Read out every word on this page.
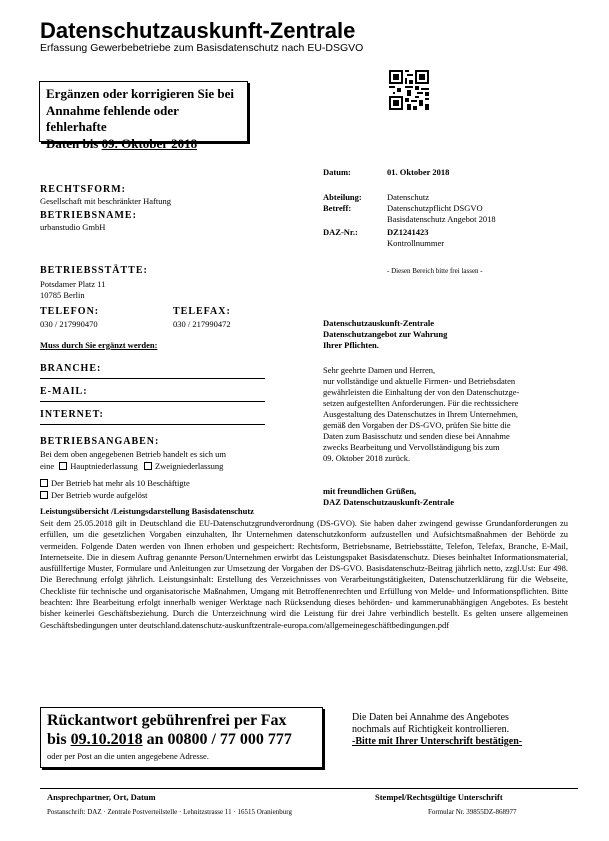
Datenschutzauskunft-Zentrale
Erfassung Gewerbebetriebe zum Basisdatenschutz nach EU-DSGVO
Ergänzen oder korrigieren Sie bei
Annahme fehlende oder fehlerhafte
Daten bis 09. Oktober 2018
Datum:	01. Oktober 2018
Abteilung:	Datenschutz
Betreff:	Datenschutzpflicht DSGVO
Basisdatenschutz Angebot 2018
DAZ-Nr.:	DZ1241423
Kontrollnummer
- Diesen Bereich bitte frei lassen -
RECHTSFORM:
Gesellschaft mit beschränkter Haftung
BETRIEBSNAME:
urbanstudio GmbH
BETRIEBSSTÄTTE:
Potsdamer Platz 11
10785 Berlin
TELEFON:
030 / 217990470
TELEFAX:
030 / 217990472
Muss durch Sie ergänzt werden:
BRANCHE:
E-MAIL:
INTERNET:
BETRIEBSANGABEN:
Bei dem oben angegebenen Betrieb handelt es sich um
eine Hauptniederlassung Zweigniederlassung
Der Betrieb hat mehr als 10 Beschäftigte
Der Betrieb wurde aufgelöst
Datenschutzauskunft-Zentrale
Datenschutzangebot zur Wahrung
Ihrer Pflichten.
Sehr geehrte Damen und Herren,
nur vollständige und aktuelle Firmen- und Betriebsdaten
gewährleisten die Einhaltung der von den Datenschutzge-
setzen aufgestellten Anforderungen. Für die rechtssichere
Ausgestaltung des Datenschutzes in Ihrem Unternehmen,
gemäß den Vorgaben der DS-GVO, prüfen Sie bitte die
Daten zum Basisschutz und senden diese bei Annahme
zwecks Bearbeitung und Vervollständigung bis zum
09. Oktober 2018 zurück.
mit freundlichen Grüßen,
DAZ Datenschutzauskunft-Zentrale
Leistungsübersicht /Leistungsdarstellung Basisdatenschutz
Seit dem 25.05.2018 gilt in Deutschland die EU-Datenschutzgrundverordnung (DS-GVO). Sie haben daher zwingend gewisse Grundanforderungen zu erfüllen, um die gesetzlichen Vorgaben einzuhalten, Ihr Unternehmen datenschutzkonform aufzustellen und Aufsichtsmaßnahmen der Behörde zu vermeiden. Folgende Daten werden von Ihnen erhoben und gespeichert: Rechtsform, Betriebsname, Betriebsstätte, Telefon, Telefax, Branche, E-Mail, Internetseite. Die in diesem Auftrag genannte Person/Unternehmen erwirbt das Leistungspaket Basisdatenschutz. Dieses beinhaltet Informationsmaterial, ausfüllfertige Muster, Formulare und Anleitungen zur Umsetzung der Vorgaben der DS-GVO. Basisdatenschutz-Beitrag jährlich netto, zzgl.Ust: Eur 498. Die Berechnung erfolgt jährlich. Leistungsinhalt: Erstellung des Verzeichnisses von Verarbeitungstätigkeiten, Datenschutzerklärung für die Webseite, Checkliste für technische und organisatorische Maßnahmen, Umgang mit Betroffenenrechten und Erfüllung von Melde- und Informationspflichten. Bitte beachten: Ihre Bearbeitung erfolgt innerhalb weniger Werktage nach Rücksendung dieses behörden- und kammerunabhängigen Angebotes. Es besteht bisher keinerlei Geschäftsbeziehung. Durch die Unterzeichnung wird die Leistung für drei Jahre verbindlich bestellt. Es gelten unsere allgemeinen Geschäftsbedingungen unter deutschland.datenschutz-auskunftzentrale-europa.com/allgemeinegeschäftbedingungen.pdf
Rückantwort gebührenfrei per Fax
bis 09.10.2018 an 00800 / 77 000 777
oder per Post an die unten angegebene Adresse.
Die Daten bei Annahme des Angebotes
nochmals auf Richtigkeit kontrollieren.
-Bitte mit Ihrer Unterschrift bestätigen-
Ansprechpartner, Ort, Datum	Stempel/Rechtsgültige Unterschrift
Postanschrift: DAZ · Zentrale Postverteilstelle · Lehnitzstrasse 11 · 16515 Oranienburg	Formular Nr. 39855DZ-868977
